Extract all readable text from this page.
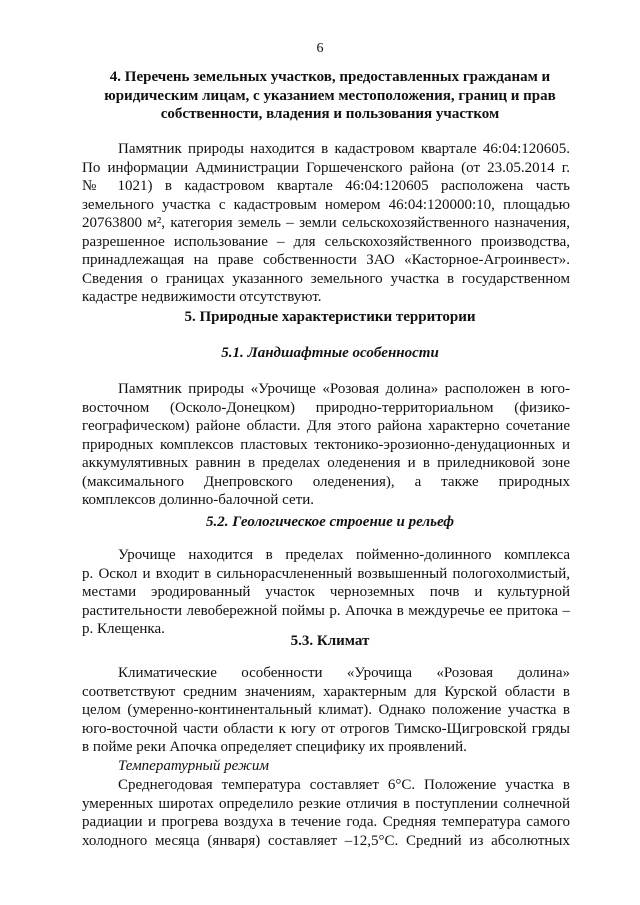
6
4. Перечень земельных участков, предоставленных гражданам и
юридическим лицам, с указанием местоположения, границ и прав
собственности, владения и пользования участком
Памятник природы находится в кадастровом квартале 46:04:120605.
По информации Администрации Горшеченского района (от 23.05.2014 г.
№ 1021) в кадастровом квартале 46:04:120605 расположена часть
земельного участка с кадастровым номером 46:04:120000:10, площадью
20763800 м², категория земель – земли сельскохозяйственного назначения,
разрешенное использование – для сельскохозяйственного производства,
принадлежащая на праве собственности ЗАО «Касторное-Агроинвест».
Сведения о границах указанного земельного участка в государственном
кадастре недвижимости отсутствуют.
5. Природные характеристики территории
5.1. Ландшафтные особенности
Памятник природы «Урочище «Розовая долина» расположен в юго-
восточном (Осколо-Донецком) природно-территориальном (физико-
географическом) районе области. Для этого района характерно сочетание
природных комплексов пластовых тектонико-эрозионно-денудационных и
аккумулятивных равнин в пределах оледенения и в приледниковой зоне
(максимального Днепровского оледенения), а также природных
комплексов долинно-балочной сети.
5.2. Геологическое строение и рельеф
Урочище находится в пределах пойменно-долинного комплекса
р. Оскол и входит в сильнорасчлененный возвышенный пологохолмистый,
местами эродированный участок черноземных почв и культурной
растительности левобережной поймы р. Апочка в междуречье ее притока –
р. Клещенка.
5.3. Климат
Климатические особенности «Урочища «Розовая долина»
соответствуют средним значениям, характерным для Курской области в
целом (умеренно-континентальный климат). Однако положение участка в
юго-восточной части области к югу от отрогов Тимско-Щигровской гряды
в пойме реки Апочка определяет специфику их проявлений.
Температурный режим
Среднегодовая температура составляет 6°C. Положение участка в
умеренных широтах определило резкие отличия в поступлении солнечной
радиации и прогрева воздуха в течение года. Средняя температура самого
холодного месяца (января) составляет –12,5°C. Средний из абсолютных
